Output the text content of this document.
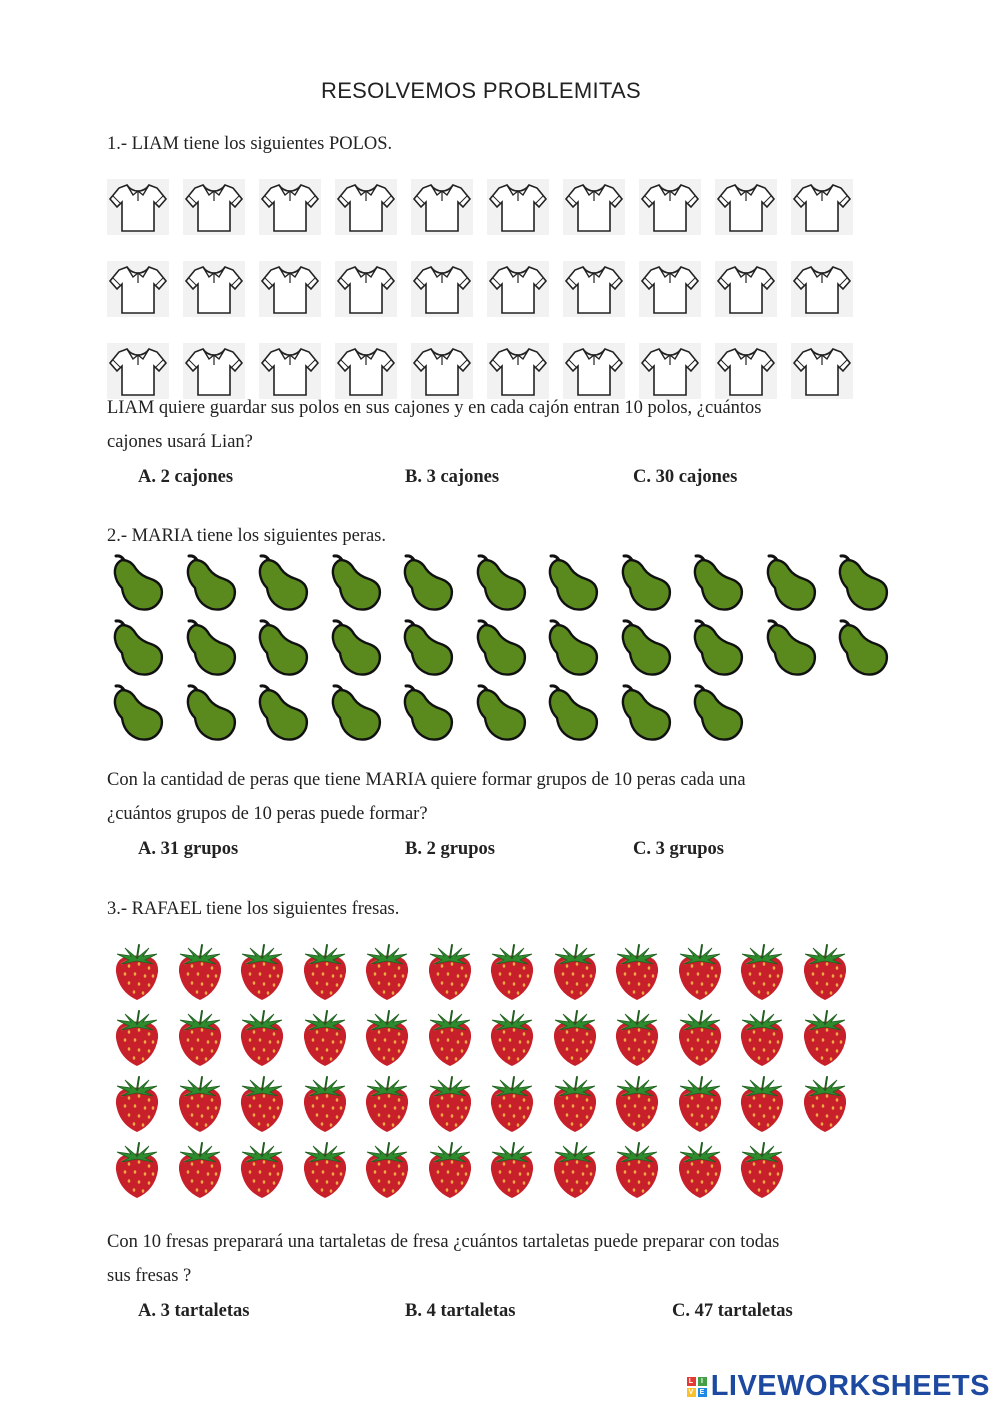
RESOLVEMOS PROBLEMITAS
1.- LIAM tiene los siguientes POLOS.
LIAM quiere guardar sus polos en sus cajones y en cada cajón entran 10 polos, ¿cuántos
cajones usará Lian?
A. 2 cajones	B. 3 cajones	C. 30 cajones
2.- MARIA tiene los siguientes peras.
Con la cantidad de peras que tiene MARIA quiere formar grupos de 10 peras cada una
¿cuántos grupos de 10 peras puede formar?
A. 31 grupos	B. 2 grupos	C. 3 grupos
3.- RAFAEL tiene los siguientes fresas.
Con 10 fresas preparará una tartaletas de fresa ¿cuántos tartaletas puede preparar con todas
sus fresas ?
A. 3 tartaletas	B. 4 tartaletas	C. 47 tartaletas
L	I
V E LIVEWORKSHEETS
